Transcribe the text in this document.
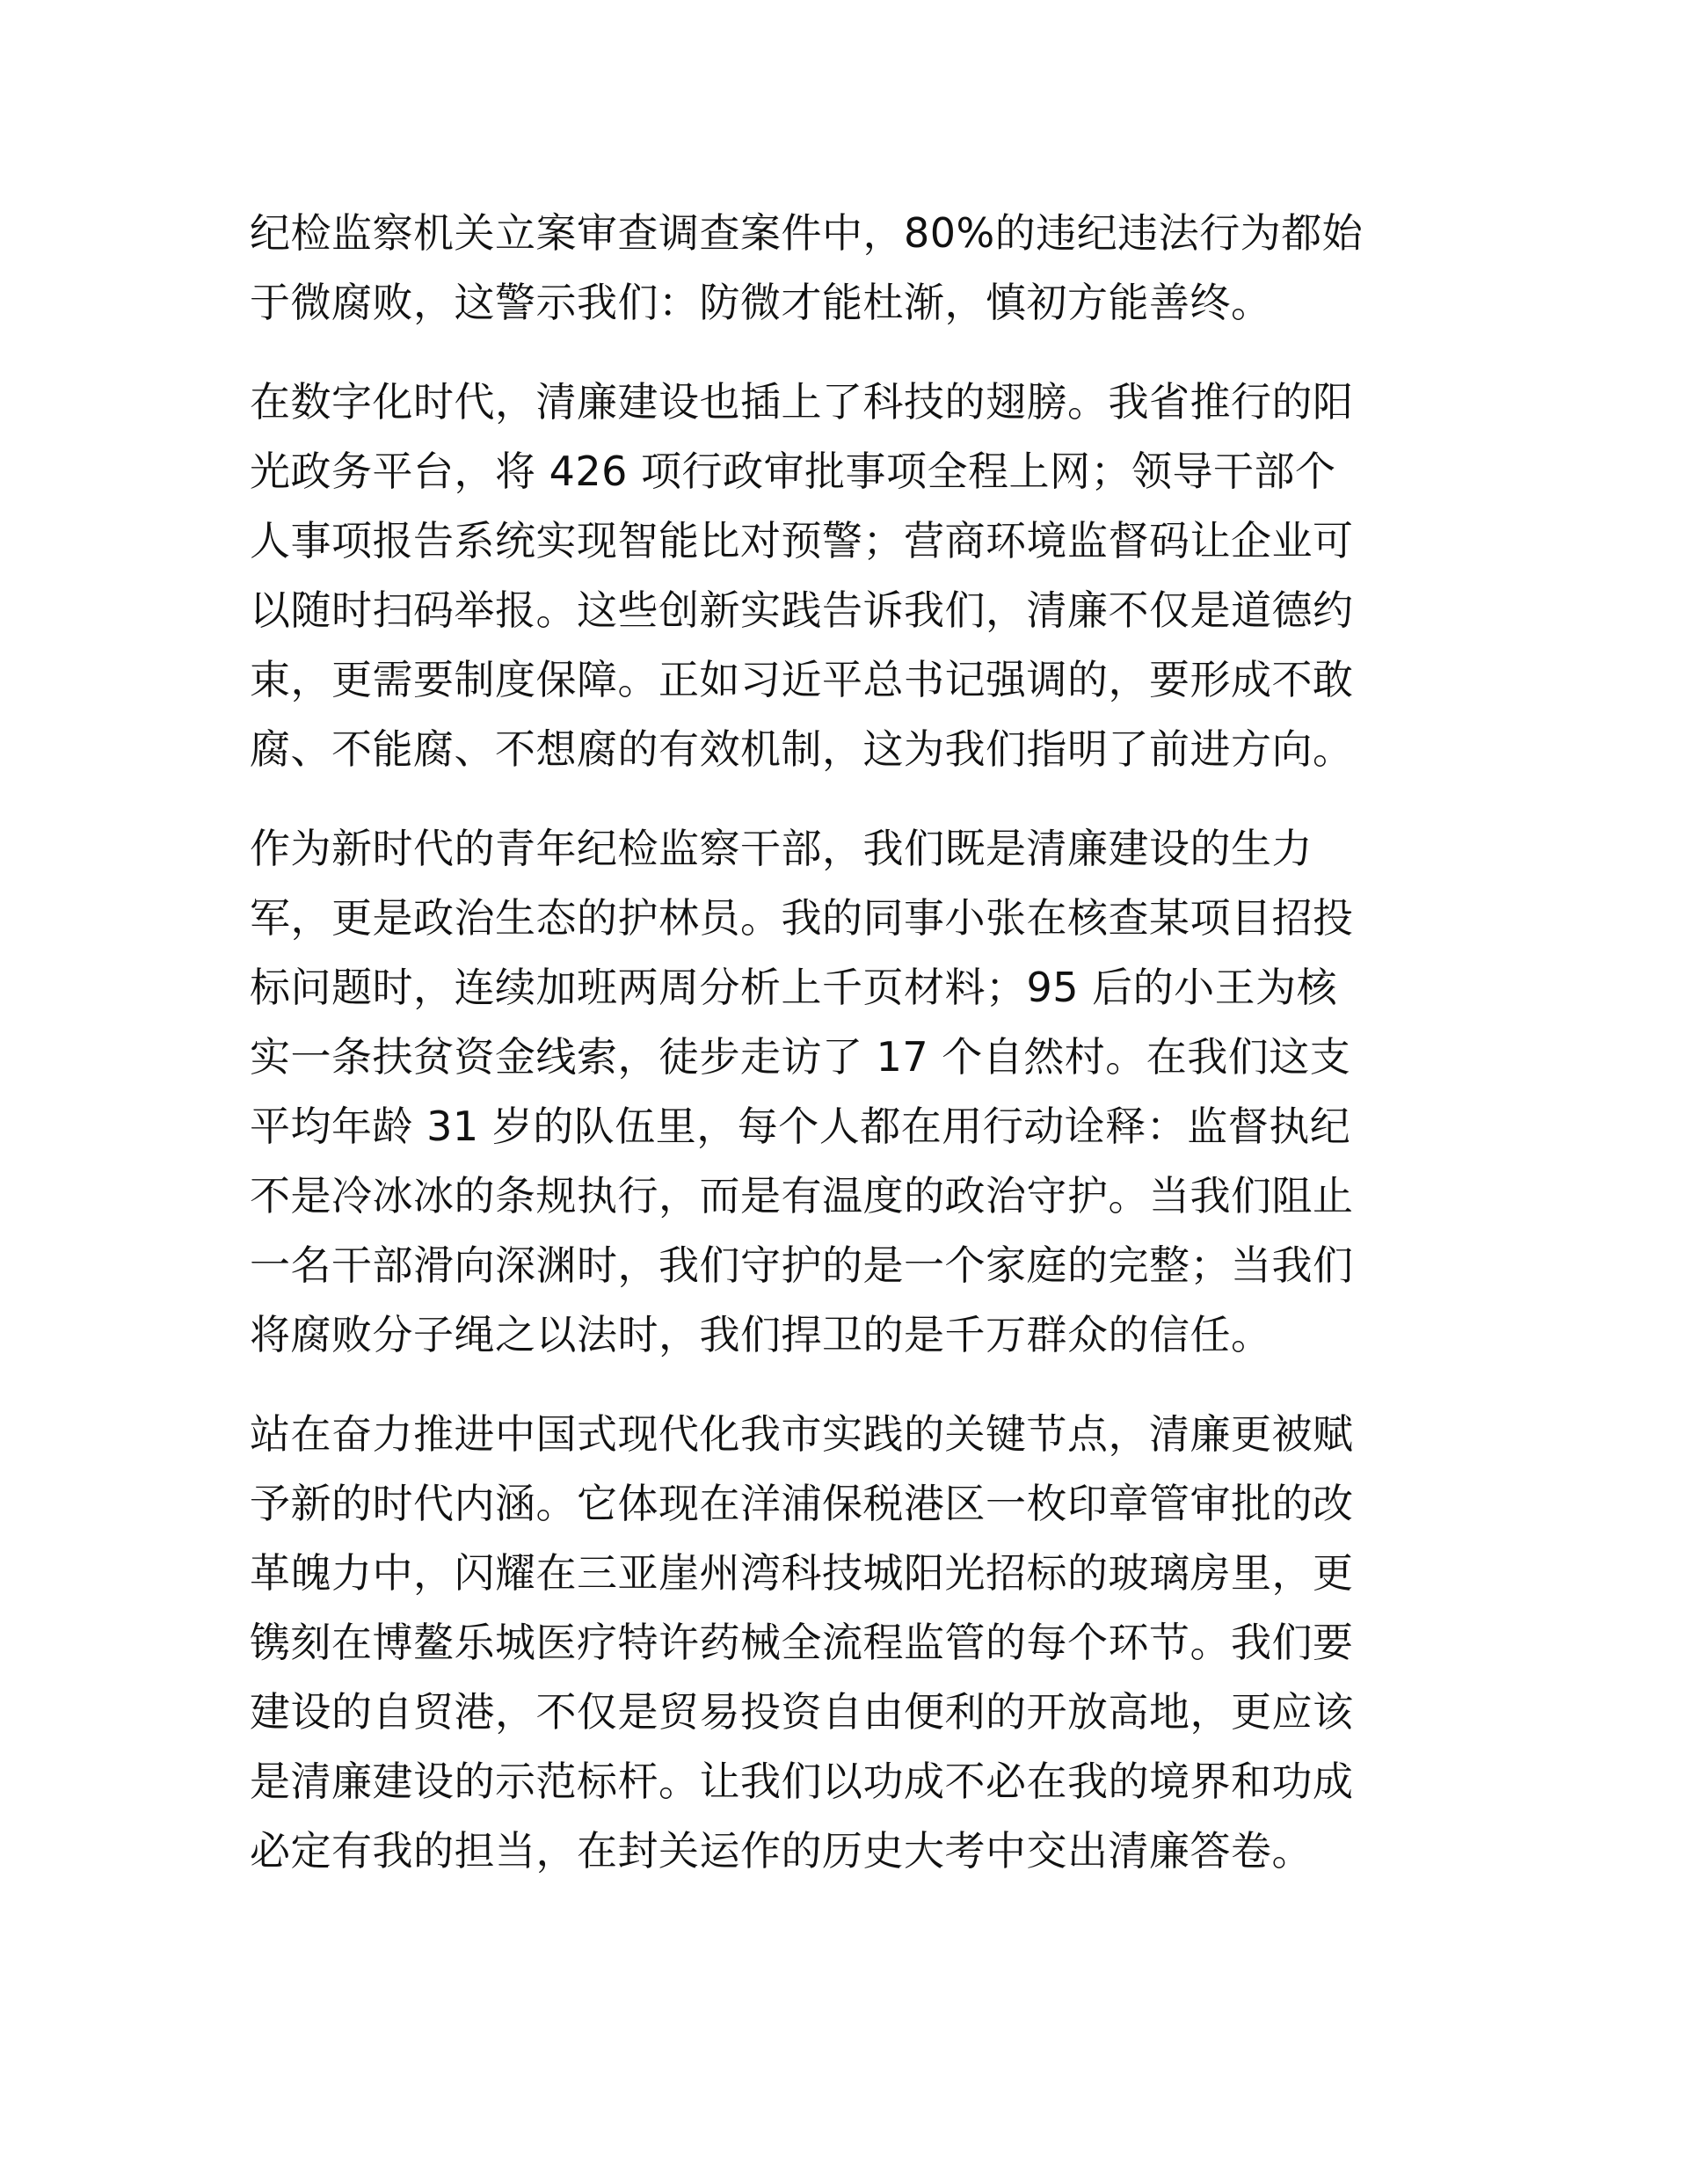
纪检监察机关立案审查调查案件中，80%的违纪违法行为都始
于微腐败，这警示我们：防微才能杜渐，慎初方能善终。
在数字化时代，清廉建设也插上了科技的翅膀。我省推行的阳
光政务平台，将 426 项行政审批事项全程上网；领导干部个
人事项报告系统实现智能比对预警；营商环境监督码让企业可
以随时扫码举报。这些创新实践告诉我们，清廉不仅是道德约
束，更需要制度保障。正如习近平总书记强调的，要形成不敢
腐、不能腐、不想腐的有效机制，这为我们指明了前进方向。
作为新时代的青年纪检监察干部，我们既是清廉建设的生力
军，更是政治生态的护林员。我的同事小张在核查某项目招投
标问题时，连续加班两周分析上千页材料；95 后的小王为核
实一条扶贫资金线索，徒步走访了 17 个自然村。在我们这支
平均年龄 31 岁的队伍里，每个人都在用行动诠释：监督执纪
不是冷冰冰的条规执行，而是有温度的政治守护。当我们阻止
一名干部滑向深渊时，我们守护的是一个家庭的完整；当我们
将腐败分子绳之以法时，我们捍卫的是千万群众的信任。
站在奋力推进中国式现代化我市实践的关键节点，清廉更被赋
予新的时代内涵。它体现在洋浦保税港区一枚印章管审批的改
革魄力中，闪耀在三亚崖州湾科技城阳光招标的玻璃房里，更
镌刻在博鳌乐城医疗特许药械全流程监管的每个环节。我们要
建设的自贸港，不仅是贸易投资自由便利的开放高地，更应该
是清廉建设的示范标杆。让我们以功成不必在我的境界和功成
必定有我的担当，在封关运作的历史大考中交出清廉答卷。
